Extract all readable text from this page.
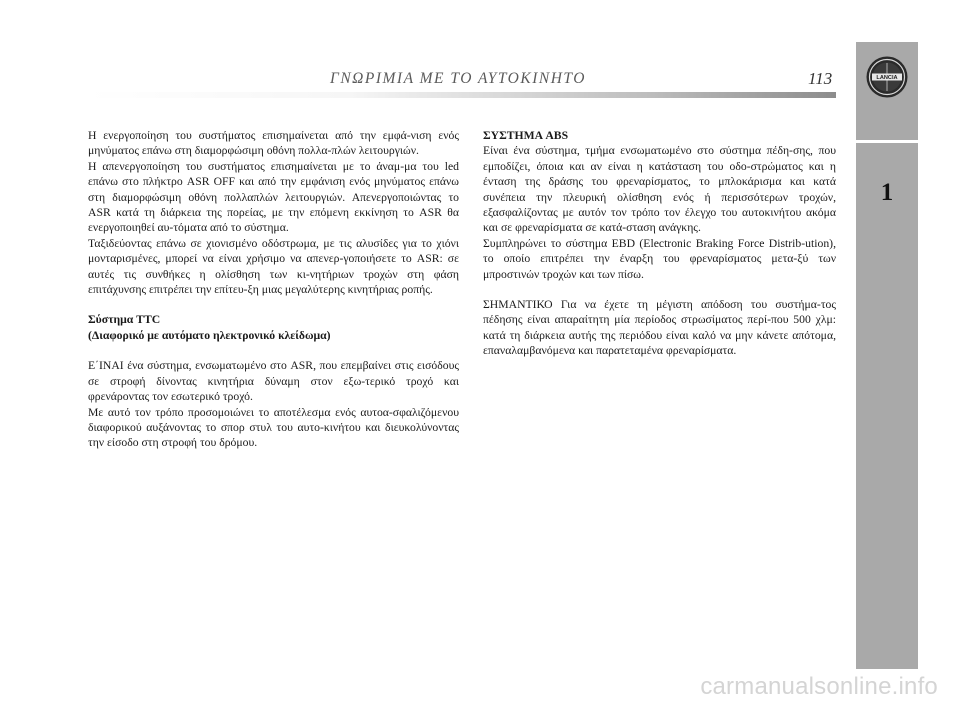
ΓΝΩΡΙΜΙΑ ΜΕ ΤΟ ΑΥΤΟΚΙΝΗΤΟ	113	LANCIA
1

Η ενεργοποίηση του συστήματος επισημαίνεται από την εμφά-νιση ενός μηνύματος επάνω στη διαμορφώσιμη οθόνη πολλα-πλών λειτουργιών.

Η απενεργοποίηση του συστήματος επισημαίνεται με το άναμ-μα του led επάνω στο πλήκτρο ASR OFF και από την εμφάνιση ενός μηνύματος επάνω στη διαμορφώσιμη οθόνη πολλαπλών λειτουργιών. Απενεργοποιώντας το ASR κατά τη διάρκεια της πορείας, με την επόμενη εκκίνηση το ASR θα ενεργοποιηθεί αυ-τόματα από το σύστημα.

Ταξιδεύοντας επάνω σε χιονισμένο οδόστρωμα, με τις αλυσίδες για το χιόνι μονταρισμένες, μπορεί να είναι χρήσιμο να απενερ-γοποιήσετε το ASR: σε αυτές τις συνθήκες η ολίσθηση των κι-νητήριων τροχών στη φάση επιτάχυνσης επιτρέπει την επίτευ-ξη μιας μεγαλύτερης κινητήριας ροπής.

Σύστημα TTC

(Διαφορικό με αυτόματο ηλεκτρονικό κλείδωμα)

Ε΄ΙΝΑΙ ένα σύστημα, ενσωματωμένο στο ASR, που επεμβαίνει στις εισόδους σε στροφή δίνοντας κινητήρια δύναμη στον εξω-τερικό τροχό και φρενάροντας τον εσωτερικό τροχό.

Με αυτό τον τρόπο προσομοιώνει το αποτέλεσμα ενός αυτοα-σφαλιζόμενου διαφορικού αυξάνοντας το σπορ στυλ του αυτο-κινήτου και διευκολύνοντας την είσοδο στη στροφή του δρόμου.

ΣΥΣΤΗΜΑ ABS

Είναι ένα σύστημα, τμήμα ενσωματωμένο στο σύστημα πέδη-σης, που εμποδίζει, όποια και αν είναι η κατάσταση του οδο-στρώματος και η ένταση της δράσης του φρεναρίσματος, το μπλοκάρισμα και κατά συνέπεια την πλευρική ολίσθηση ενός ή περισσότερων τροχών, εξασφαλίζοντας με αυτόν τον τρόπο τον έλεγχο του αυτοκινήτου ακόμα και σε φρεναρίσματα σε κατά-σταση ανάγκης.

Συμπληρώνει το σύστημα EBD (Electronic Braking Force Distrib-ution), το οποίο επιτρέπει την έναρξη του φρεναρίσματος μετα-ξύ των μπροστινών τροχών και των πίσω.

ΣΗΜΑΝΤΙΚΟ Για να έχετε τη μέγιστη απόδοση του συστήμα-τος πέδησης είναι απαραίτητη μία περίοδος στρωσίματος περί-που 500 χλμ: κατά τη διάρκεια αυτής της περιόδου είναι καλό να μην κάνετε απότομα, επαναλαμβανόμενα και παρατεταμένα φρεναρίσματα.

carmanualsonline.info
